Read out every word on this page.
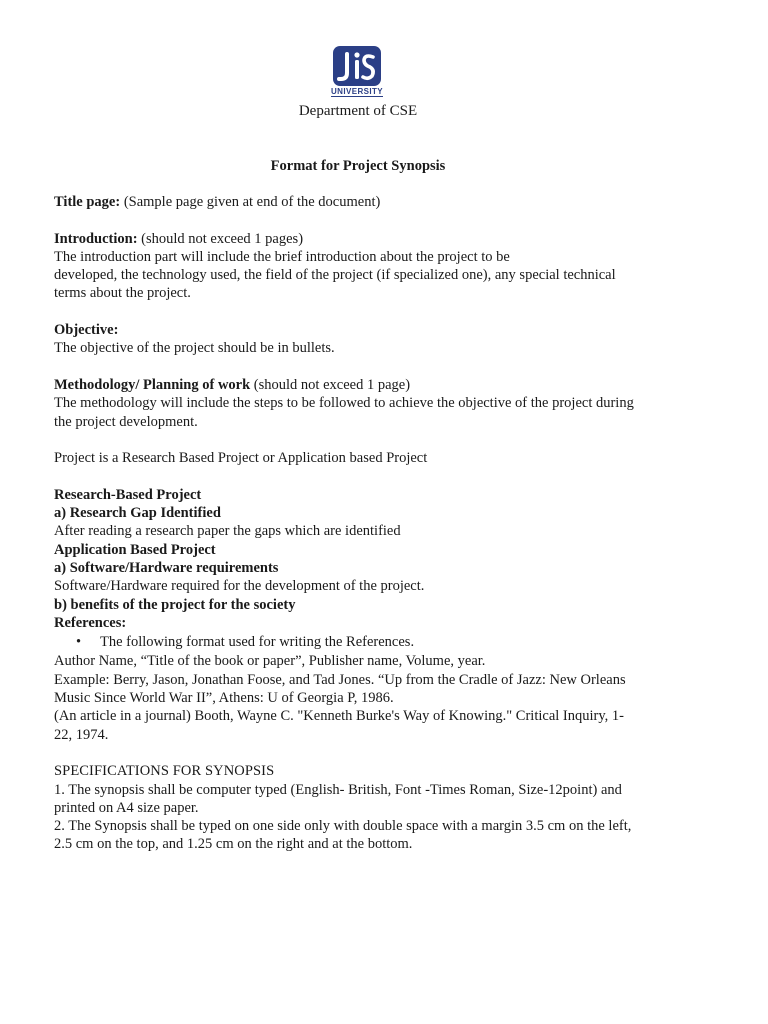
UNIVERSITY
Department of CSE
Format for Project Synopsis

Title page: (Sample page given at end of the document)

Introduction: (should not exceed 1 pages)

The introduction part will include the brief introduction about the project to be

developed, the technology used, the field of the project (if specialized one), any special technical

terms about the project.

Objective:

The objective of the project should be in bullets.

Methodology/ Planning of work (should not exceed 1 page)

The methodology will include the steps to be followed to achieve the objective of the project during

the project development.

Project is a Research Based Project or Application based Project

Research-Based Project

a) Research Gap Identified

After reading a research paper the gaps which are identified

Application Based Project

a) Software/Hardware requirements

Software/Hardware required for the development of the project.

b) benefits of the project for the society

References:

• The following format used for writing the References.

Author Name, “Title of the book or paper”, Publisher name, Volume, year.

Example: Berry, Jason, Jonathan Foose, and Tad Jones. “Up from the Cradle of Jazz: New Orleans

Music Since World War II”, Athens: U of Georgia P, 1986.

(An article in a journal) Booth, Wayne C. "Kenneth Burke's Way of Knowing." Critical Inquiry, 1-

22, 1974.

SPECIFICATIONS FOR SYNOPSIS

1. The synopsis shall be computer typed (English- British, Font -Times Roman, Size-12point) and

printed on A4 size paper.

2. The Synopsis shall be typed on one side only with double space with a margin 3.5 cm on the left,

2.5 cm on the top, and 1.25 cm on the right and at the bottom.
